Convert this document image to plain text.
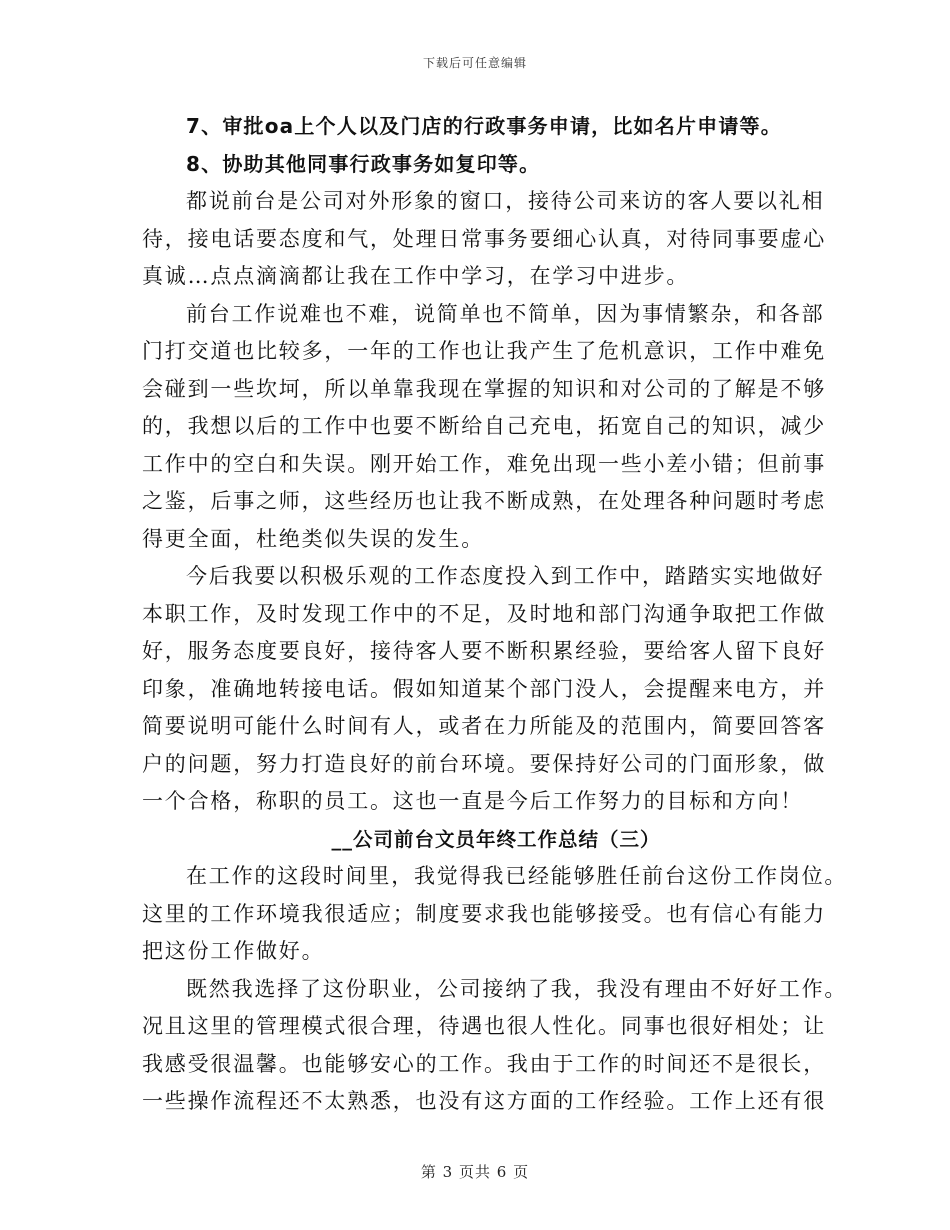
下载后可任意编辑
7、审批oa上个人以及门店的行政事务申请，比如名片申请等。
8、协助其他同事行政事务如复印等。
都说前台是公司对外形象的窗口，接待公司来访的客人要以礼相
待，接电话要态度和气，处理日常事务要细心认真，对待同事要虚心
真诚…点点滴滴都让我在工作中学习，在学习中进步。
前台工作说难也不难，说简单也不简单，因为事情繁杂，和各部
门打交道也比较多，一年的工作也让我产生了危机意识，工作中难免
会碰到一些坎坷，所以单靠我现在掌握的知识和对公司的了解是不够
的，我想以后的工作中也要不断给自己充电，拓宽自己的知识，减少
工作中的空白和失误。刚开始工作，难免出现一些小差小错；但前事
之鉴，后事之师，这些经历也让我不断成熟，在处理各种问题时考虑
得更全面，杜绝类似失误的发生。
今后我要以积极乐观的工作态度投入到工作中，踏踏实实地做好
本职工作，及时发现工作中的不足，及时地和部门沟通争取把工作做
好，服务态度要良好，接待客人要不断积累经验，要给客人留下良好
印象，准确地转接电话。假如知道某个部门没人，会提醒来电方，并
简要说明可能什么时间有人，或者在力所能及的范围内，简要回答客
户的问题，努力打造良好的前台环境。要保持好公司的门面形象，做
一个合格，称职的员工。这也一直是今后工作努力的目标和方向！
__公司前台文员年终工作总结（三）
在工作的这段时间里，我觉得我已经能够胜任前台这份工作岗位。
这里的工作环境我很适应；制度要求我也能够接受。也有信心有能力
把这份工作做好。
既然我选择了这份职业，公司接纳了我，我没有理由不好好工作。
况且这里的管理模式很合理，待遇也很人性化。同事也很好相处；让
我感受很温馨。也能够安心的工作。我由于工作的时间还不是很长，
一些操作流程还不太熟悉，也没有这方面的工作经验。工作上还有很
第 3 页共 6 页
